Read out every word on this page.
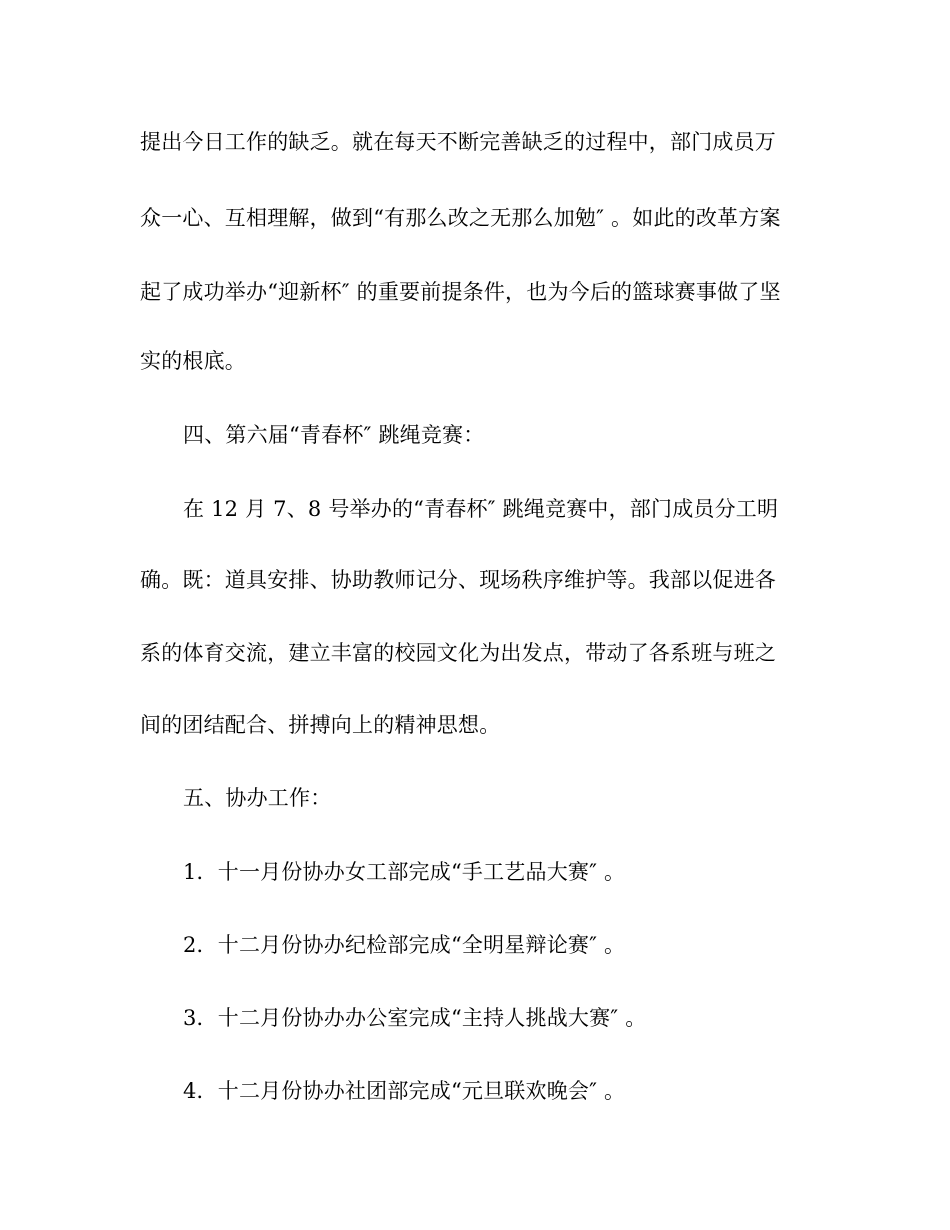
提出今日工作的缺乏。就在每天不断完善缺乏的过程中，部门成员万
众一心、互相理解，做到“有那么改之无那么加勉″ 。如此的改革方案
起了成功举办“迎新杯″ 的重要前提条件，也为今后的篮球赛事做了坚
实的根底。
四、第六届“青春杯″ 跳绳竞赛：
在 12 月 7、8 号举办的“青春杯″ 跳绳竞赛中，部门成员分工明
确。既：道具安排、协助教师记分、现场秩序维护等。我部以促进各
系的体育交流，建立丰富的校园文化为出发点，带动了各系班与班之
间的团结配合、拼搏向上的精神思想。
五、协办工作：
1．十一月份协办女工部完成“手工艺品大赛″ 。
2．十二月份协办纪检部完成“全明星辩论赛″ 。
3．十二月份协办办公室完成“主持人挑战大赛″ 。
4．十二月份协办社团部完成“元旦联欢晚会″ 。
